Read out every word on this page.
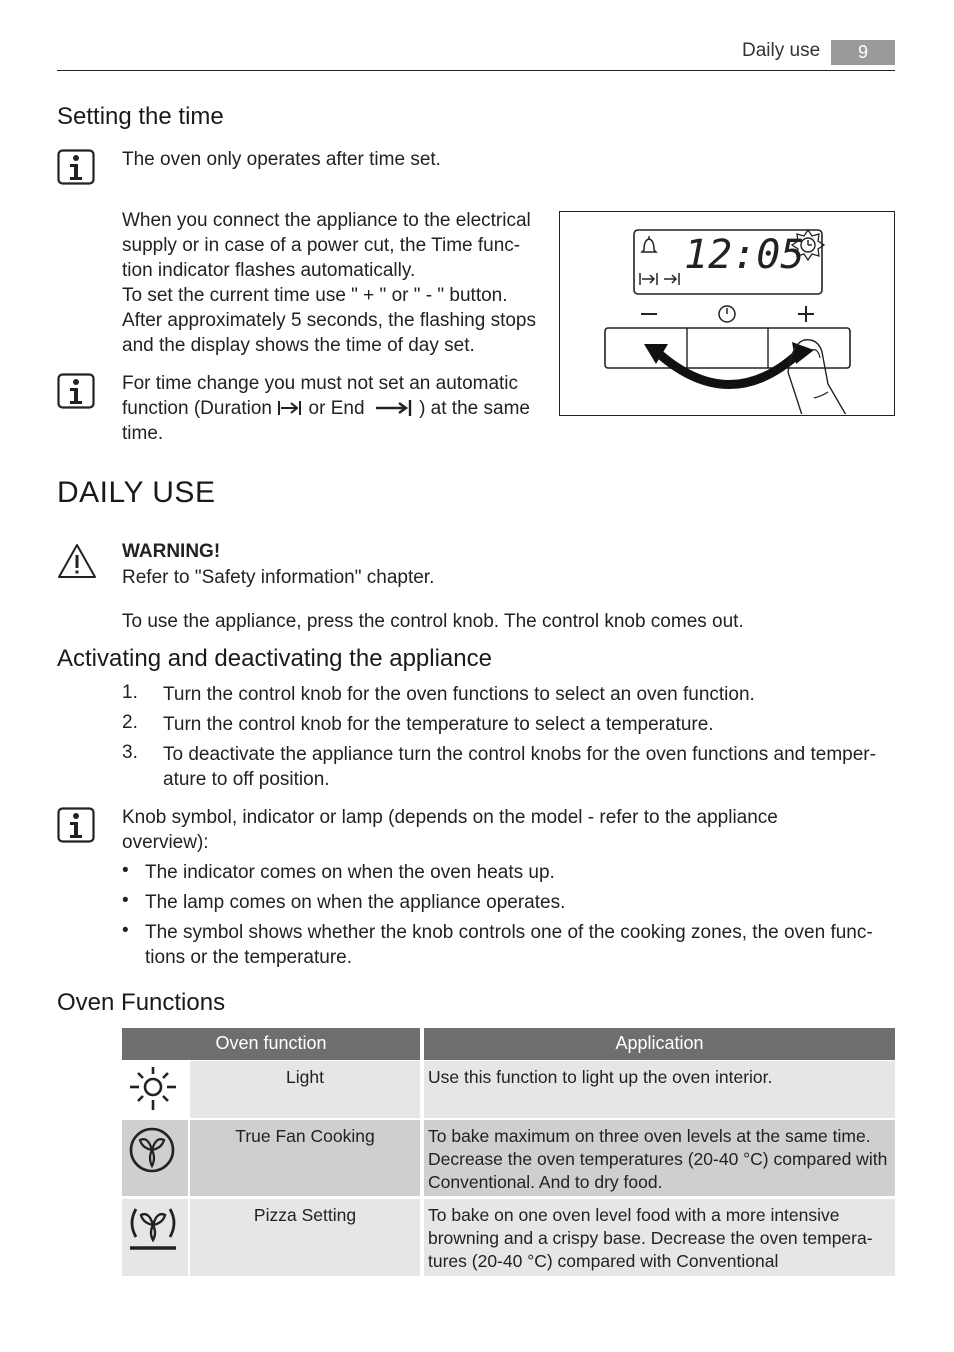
Daily use	9
Setting the time
The oven only operates after time set.
When you connect the appliance to the electrical
supply or in case of a power cut, the Time func-
tion indicator flashes automatically.
To set the current time use " + " or " - " button.
After approximately 5 seconds, the flashing stops
and the display shows the time of day set.
For time change you must not set an automatic
function (Duration or End	) at the same
time.
12:05
DAILY USE
WARNING!
Refer to "Safety information" chapter.
To use the appliance, press the control knob. The control knob comes out.
Activating and deactivating the appliance
1. Turn the control knob for the oven functions to select an oven function.
2. Turn the control knob for the temperature to select a temperature.
3. To deactivate the appliance turn the control knobs for the oven functions and temper-
ature to off position.
Knob symbol, indicator or lamp (depends on the model - refer to the appliance
overview):
• The indicator comes on when the oven heats up.
• The lamp comes on when the appliance operates.
• The symbol shows whether the knob controls one of the cooking zones, the oven func-
tions or the temperature.
Oven Functions
Oven function	Application
Light	Use this function to light up the oven interior.
True Fan Cooking	To bake maximum on three oven levels at the same time.
Decrease the oven temperatures (20-40 °C) compared with
Conventional. And to dry food.
Pizza Setting	To bake on one oven level food with a more intensive
browning and a crispy base. Decrease the oven tempera-
tures (20-40 °C) compared with Conventional
